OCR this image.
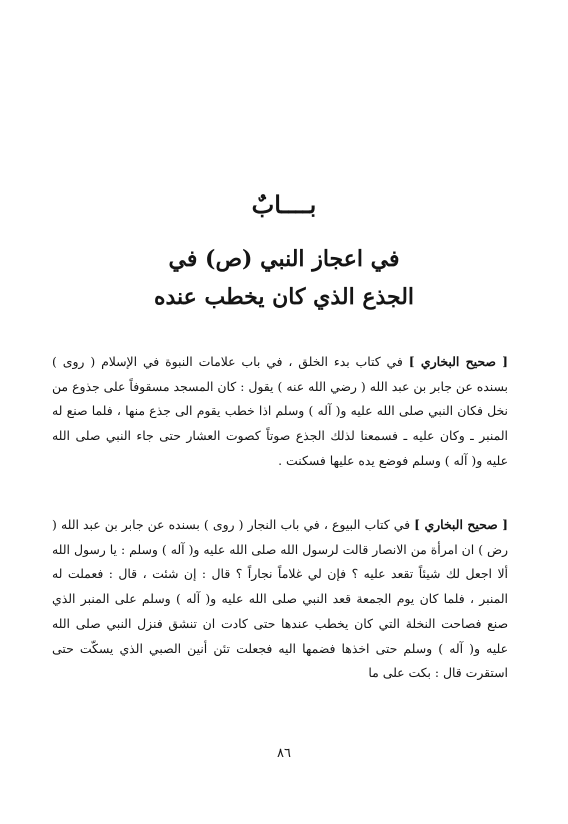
بــــابٌ
في اعجاز النبي (ص) في
الجذع الذي كان يخطب عنده
[ صحيح البخاري ] في كتاب بدء الخلق ، في باب علامات النبوة في الإسلام ( روى ) بسنده عن جابر بن عبد الله ( رضي الله عنه ) يقول : كان المسجد مسقوفاً على جذوع من نخل فكان النبي صلى الله عليه و( آله ) وسلم اذا خطب يقوم الى جذع منها ، فلما صنع له المنبر ـ وكان عليه ـ فسمعنا لذلك الجذع صوتاً كصوت العشار حتى جاء النبي صلى الله عليه و( آله ) وسلم فوضع يده عليها فسكنت .
[ صحيح البخاري ] في كتاب البيوع ، في باب النجار ( روى ) بسنده عن جابر بن عبد الله ( رض ) ان امرأة من الانصار قالت لرسول الله صلى الله عليه و( آله ) وسلم : يا رسول الله ألا اجعل لك شيئاً تقعد عليه ؟ فإن لي غلاماً نجاراً ؟ قال : إن شئت ، قال : فعملت له المنبر ، فلما كان يوم الجمعة قعد النبي صلى الله عليه و( آله ) وسلم على المنبر الذي صنع فصاحت النخلة التي كان يخطب عندها حتى كادت ان تنشق فنزل النبي صلى الله عليه و( آله ) وسلم حتى اخذها فضمها اليه فجعلت تئن أنين الصبي الذي يسكّت حتى استقرت قال : بكت على ما
٨٦
